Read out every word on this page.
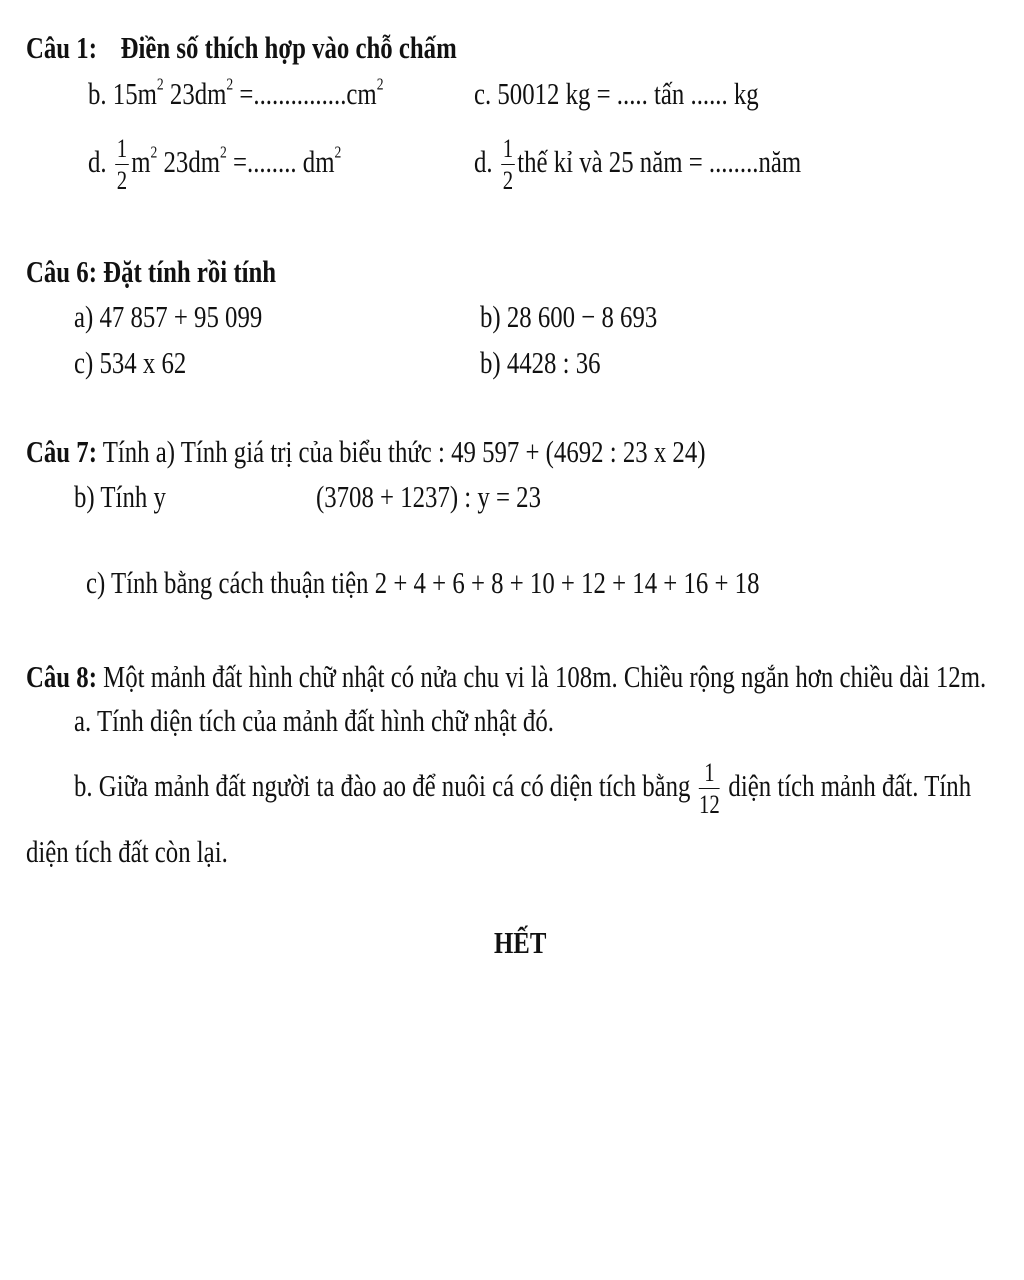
Câu 1: Điền số thích hợp vào chỗ chấm
b. $15m^2$ $23dm^2 =...............cm^2$	c. 50012 kg = ..... tấn ...... kg
d. $\frac{1}{2} m^2$ $23dm^2$ =........ $dm^2$	d. $\frac{1}{2}$ thế kỉ và 25 năm = ........năm
Câu 6: Đặt tính rồi tính
a) 47 857 + 95 099	b) 28 600 − 8 693
c) 534 x 62	b) 4428 : 36
Câu 7: Tính a) Tính giá trị của biểu thức : 49 597 + (4692 : 23 x 24)
b) Tính y	(3708 + 1237) : y = 23
c) Tính bằng cách thuận tiện 2 + 4 + 6 + 8 + 10 + 12 + 14 + 16 + 18
Câu 8: Một mảnh đất hình chữ nhật có nửa chu vi là 108m. Chiều rộng ngắn hơn chiều dài 12m.
a. Tính diện tích của mảnh đất hình chữ nhật đó.
b. Giữa mảnh đất người ta đào ao để nuôi cá có diện tích bằng $\frac{1}{12}$ diện tích mảnh đất. Tính
diện tích đất còn lại.
HẾT
